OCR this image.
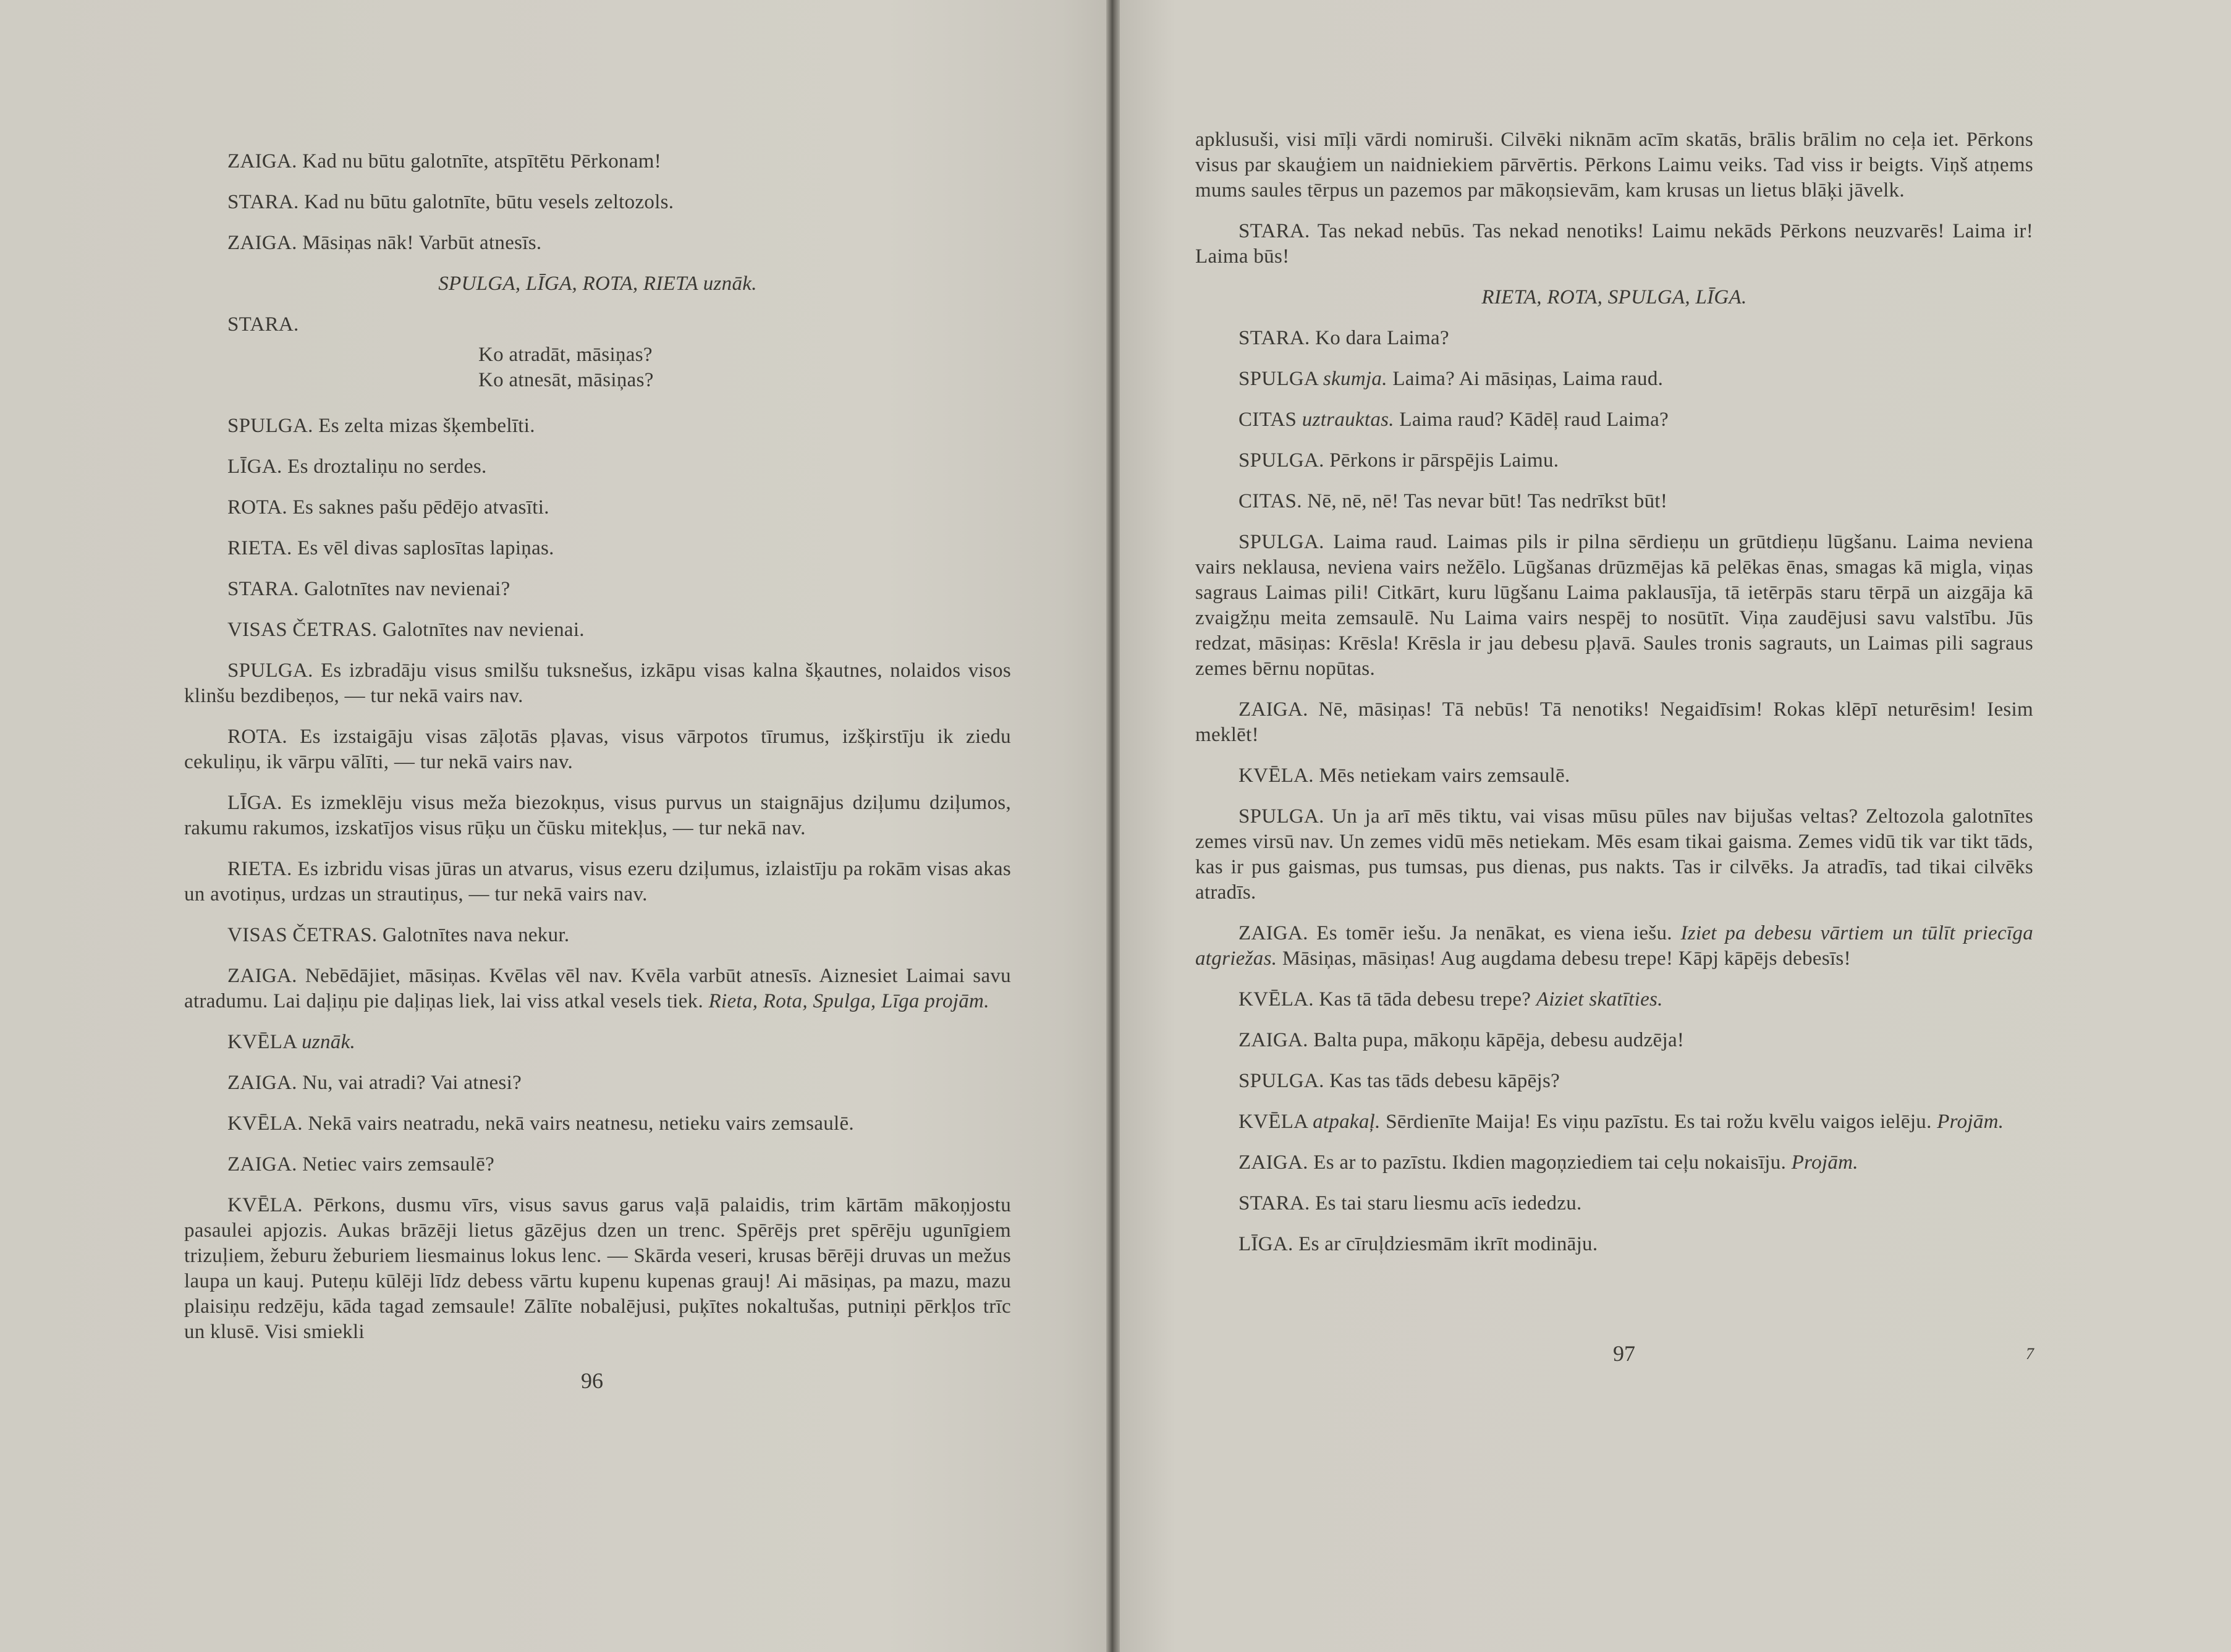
ZAIGA. Kad nu būtu galotnīte, atspītētu Pērkonam!

STARA. Kad nu būtu galotnīte, būtu vesels zeltozols.

ZAIGA. Māsiņas nāk! Varbūt atnesīs.

SPULGA, LĪGA, ROTA, RIETA uznāk.

STARA.
Ko atradāt, māsiņas?
Ko atnesāt, māsiņas?

SPULGA. Es zelta mizas šķembelīti.

LĪGA. Es droztaliņu no serdes.

ROTA. Es saknes pašu pēdējo atvasīti.

RIETA. Es vēl divas saplosītas lapiņas.

STARA. Galotnītes nav nevienai?

VISAS ČETRAS. Galotnītes nav nevienai.

SPULGA. Es izbradāju visus smilšu tuksnešus, izkāpu visas kalna šķautnes, nolaidos visos klinšu bezdibeņos, — tur nekā vairs nav.

ROTA. Es izstaigāju visas zāļotās pļavas, visus vārpotos tīrumus, izšķirstīju ik ziedu cekuliņu, ik vārpu vālīti, — tur nekā vairs nav.

LĪGA. Es izmeklēju visus meža biezokņus, visus purvus un staignājus dziļumu dziļumos, rakumu rakumos, izskatījos visus rūķu un čūsku mitekļus, — tur nekā nav.

RIETA. Es izbridu visas jūras un atvarus, visus ezeru dziļumus, izlaistīju pa rokām visas akas un avotiņus, urdzas un strautiņus, — tur nekā vairs nav.

VISAS ČETRAS. Galotnītes nava nekur.

ZAIGA. Nebēdājiet, māsiņas. Kvēlas vēl nav. Kvēla varbūt atnesīs. Aiznesiet Laimai savu atradumu. Lai daļiņu pie daļiņas liek, lai viss atkal vesels tiek. Rieta, Rota, Spulga, Līga projām.

KVĒLA uznāk.

ZAIGA. Nu, vai atradi? Vai atnesi?

KVĒLA. Nekā vairs neatradu, nekā vairs neatnesu, netieku vairs zemsaulē.

ZAIGA. Netiec vairs zemsaulē?

KVĒLA. Pērkons, dusmu vīrs, visus savus garus vaļā palaidis, trim kārtām mākoņjostu pasaulei apjozis. Aukas brāzēji lietus gāzējus dzen un trenc. Spērējs pret spērēju ugunīgiem trizuļiem, žeburu žeburiem liesmainus lokus lenc. — Skārda veseri, krusas bērēji druvas un mežus laupa un kauj. Puteņu kūlēji līdz debess vārtu kupenu kupenas grauj! Ai māsiņas, pa mazu, mazu plaisiņu redzēju, kāda tagad zemsaule! Zālīte nobalējusi, puķītes nokaltušas, putniņi pērkļos trīc un klusē. Visi smiekli

96

apklusuši, visi mīļi vārdi nomiruši. Cilvēki niknām acīm skatās, brālis brālim no ceļa iet. Pērkons visus par skauģiem un naidniekiem pārvērtis. Pērkons Laimu veiks. Tad viss ir beigts. Viņš atņems mums saules tērpus un pazemos par mākoņsievām, kam krusas un lietus blāķi jāvelk.

STARA. Tas nekad nebūs. Tas nekad nenotiks! Laimu nekāds Pērkons neuzvarēs! Laima ir! Laima būs!

RIETA, ROTA, SPULGA, LĪGA.

STARA. Ko dara Laima?

SPULGA skumja. Laima? Ai māsiņas, Laima raud.

CITAS uztrauktas. Laima raud? Kādēļ raud Laima?

SPULGA. Pērkons ir pārspējis Laimu.

CITAS. Nē, nē, nē! Tas nevar būt! Tas nedrīkst būt!

SPULGA. Laima raud. Laimas pils ir pilna sērdieņu un grūtdieņu lūgšanu. Laima neviena vairs neklausa, neviena vairs nežēlo. Lūgšanas drūzmējas kā pelēkas ēnas, smagas kā migla, viņas sagraus Laimas pili! Citkārt, kuru lūgšanu Laima paklausīja, tā ietērpās staru tērpā un aizgāja kā zvaigžņu meita zemsaulē. Nu Laima vairs nespēj to nosūtīt. Viņa zaudējusi savu valstību. Jūs redzat, māsiņas: Krēsla! Krēsla ir jau debesu pļavā. Saules tronis sagrauts, un Laimas pili sagraus zemes bērnu nopūtas.

ZAIGA. Nē, māsiņas! Tā nebūs! Tā nenotiks! Negaidīsim! Rokas klēpī neturēsim! Iesim meklēt!

KVĒLA. Mēs netiekam vairs zemsaulē.

SPULGA. Un ja arī mēs tiktu, vai visas mūsu pūles nav bijušas veltas? Zeltozola galotnītes zemes virsū nav. Un zemes vidū mēs netiekam. Mēs esam tikai gaisma. Zemes vidū tik var tikt tāds, kas ir pus gaismas, pus tumsas, pus dienas, pus nakts. Tas ir cilvēks. Ja atradīs, tad tikai cilvēks atradīs.

ZAIGA. Es tomēr iešu. Ja nenākat, es viena iešu. Iziet pa debesu vārtiem un tūlīt priecīga atgriežas. Māsiņas, māsiņas! Aug augdama debesu trepe! Kāpj kāpējs debesīs!

KVĒLA. Kas tā tāda debesu trepe? Aiziet skatīties.

ZAIGA. Balta pupa, mākoņu kāpēja, debesu audzēja!

SPULGA. Kas tas tāds debesu kāpējs?

KVĒLA atpakaļ. Sērdienīte Maija! Es viņu pazīstu. Es tai rožu kvēlu vaigos ielēju. Projām.

ZAIGA. Es ar to pazīstu. Ikdien magoņziediem tai ceļu nokaisīju. Projām.

STARA. Es tai staru liesmu acīs iededzu.

LĪGA. Es ar cīruļdziesmām ikrīt modināju.

97	7
